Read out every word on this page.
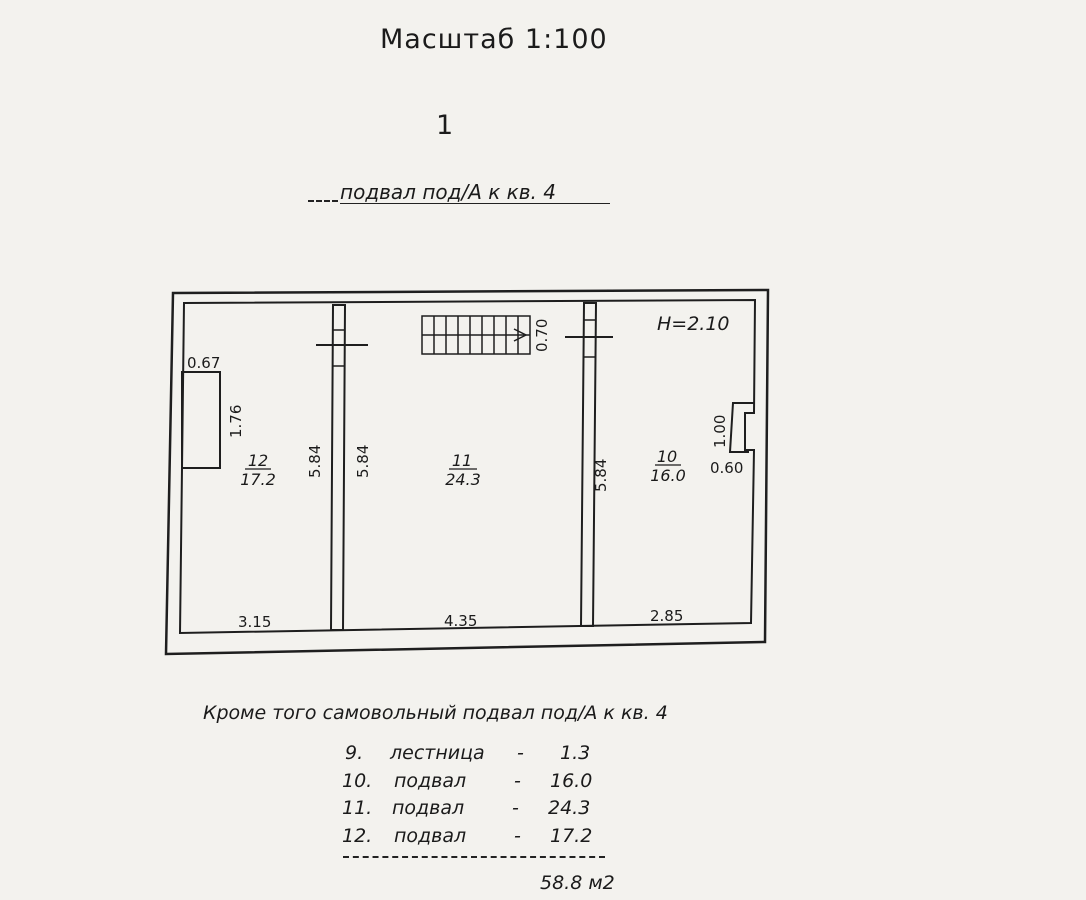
Масштаб 1:100
1
подвал под/А к кв. 4
H=2.10
0.70
0.67
1.76	1.00
0.60
5.84 5.84	5.84
3.15	4.35	2.85
12
17.2
11
24.3
10
16.0
Кроме того самовольный подвал под/А к кв. 4
9. лестница - 1.3
10. подвал	- 16.0
11. подвал	- 24.3
12. подвал	- 17.2
58.8 м2
